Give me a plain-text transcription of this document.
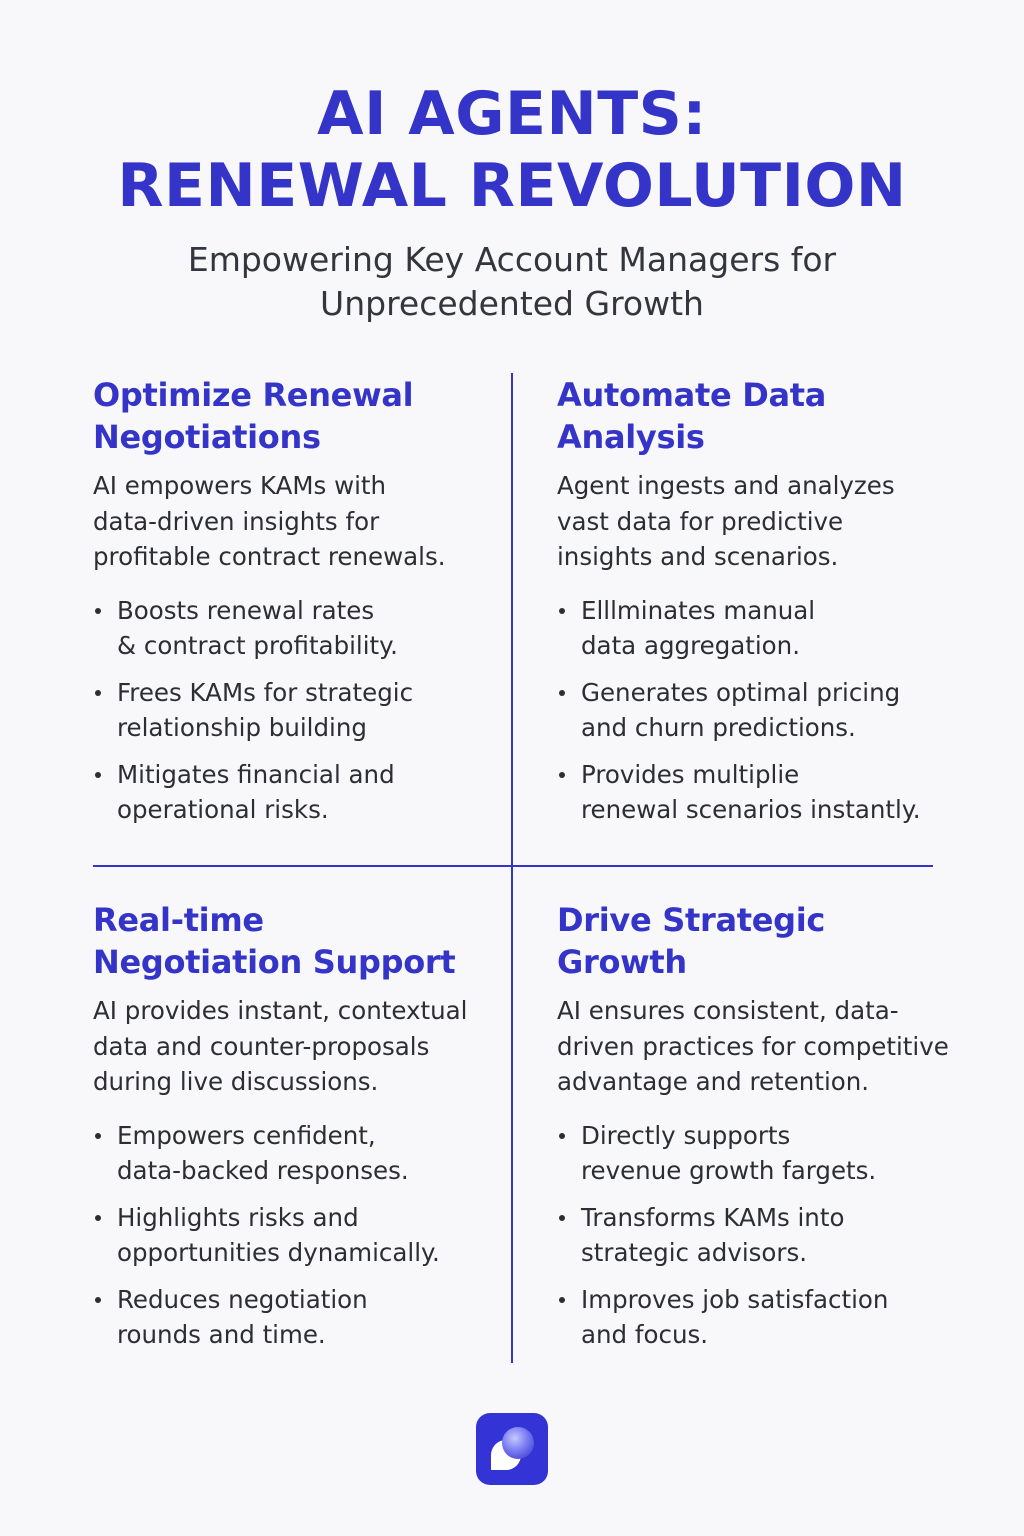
AI AGENTS:
RENEWAL REVOLUTION
Empowering Key Account Managers for
Unprecedented Growth
Optimize Renewal
Negotiations
AI empowers KAMs with
data-driven insights for
profitable contract renewals.
Boosts renewal rates
& contract profitability.
Frees KAMs for strategic
relationship building
Mitigates financial and
operational risks.
Automate Data
Analysis
Agent ingests and analyzes
vast data for predictive
insights and scenarios.
Elllminates manual
data aggregation.
Generates optimal pricing
and churn predictions.
Provides multiplie
renewal scenarios instantly.
Real-time
Negotiation Support
AI provides instant, contextual
data and counter-proposals
during live discussions.
Empowers cenfident,
data-backed responses.
Highlights risks and
opportunities dynamically.
Reduces negotiation
rounds and time.
Drive Strategic
Growth
AI ensures consistent, data-
driven practices for competitive
advantage and retention.
Directly supports
revenue growth fargets.
Transforms KAMs into
strategic advisors.
Improves job satisfaction
and focus.
